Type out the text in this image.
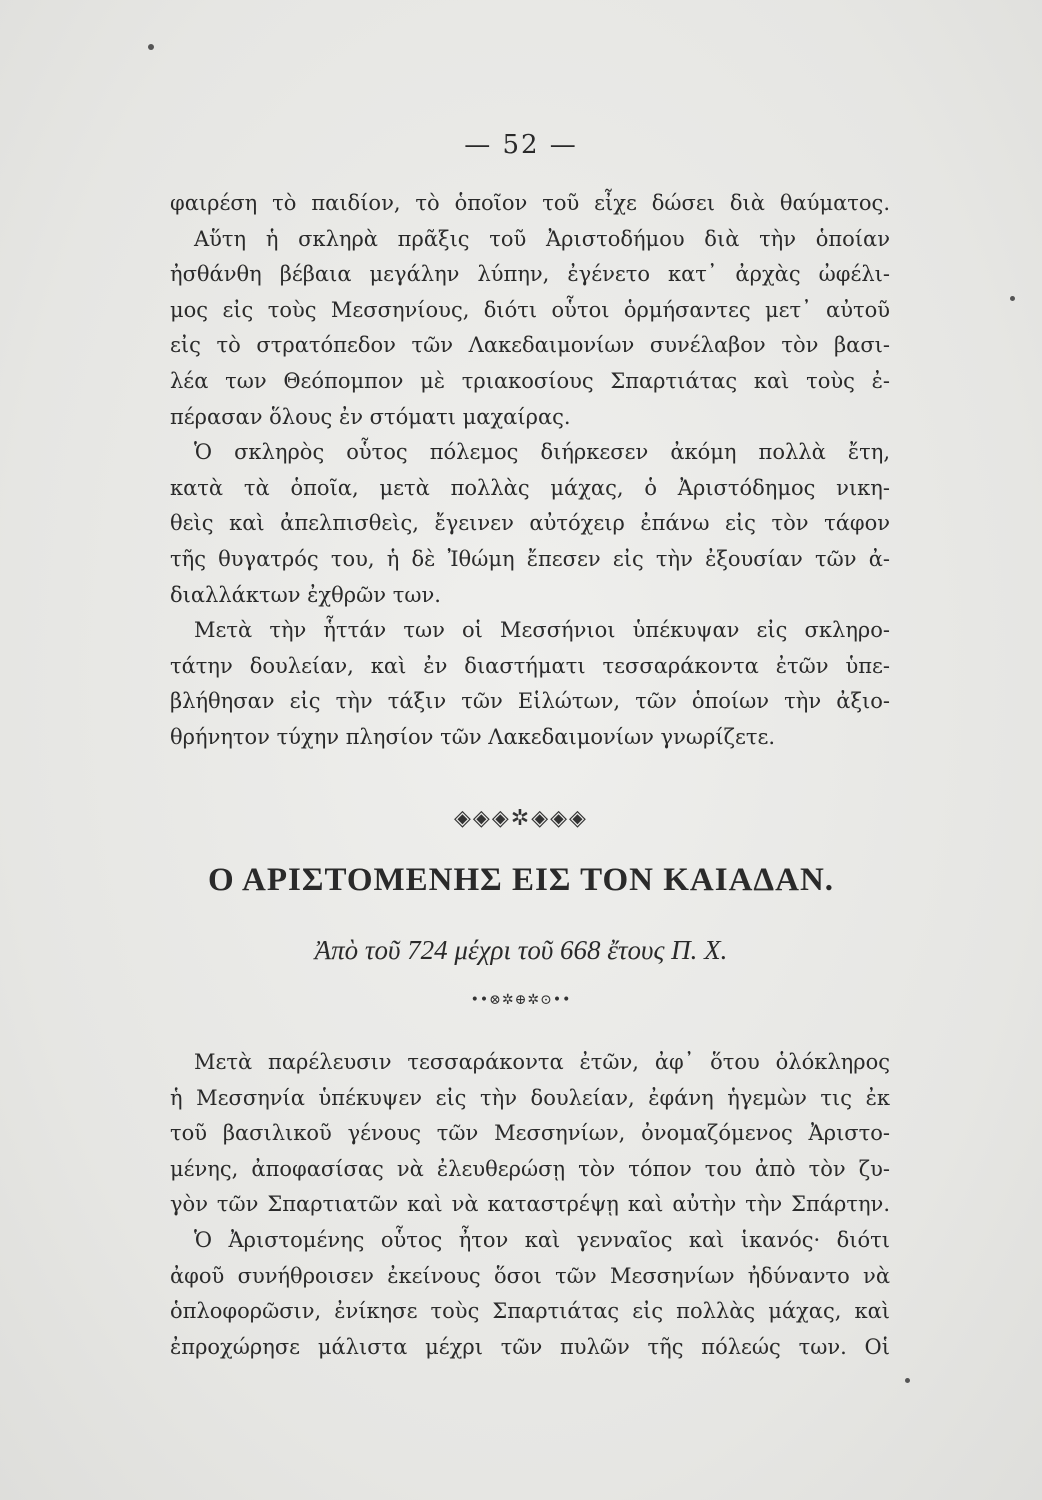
— 52 —
φαιρέση τὸ παιδίον, τὸ ὁποῖον τοῦ εἶχε δώσει διὰ θαύματος.
Αὕτη ἡ σκληρὰ πρᾶξις τοῦ Ἀριστοδήμου διὰ τὴν ὁποίαν
ἠσθάνθη βέβαια μεγάλην λύπην, ἐγένετο κατ᾽ ἀρχὰς ὠφέλι-
μος εἰς τοὺς Μεσσηνίους, διότι οὗτοι ὁρμήσαντες μετ᾽ αὐτοῦ
εἰς τὸ στρατόπεδον τῶν Λακεδαιμονίων συνέλαβον τὸν βασι-
λέα των Θεόπομπον μὲ τριακοσίους Σπαρτιάτας καὶ τοὺς ἐ-
πέρασαν ὅλους ἐν στόματι μαχαίρας.
Ὁ σκληρὸς οὗτος πόλεμος διήρκεσεν ἀκόμη πολλὰ ἔτη,
κατὰ τὰ ὁποῖα, μετὰ πολλὰς μάχας, ὁ Ἀριστόδημος νικη-
θεὶς καὶ ἀπελπισθεὶς, ἔγεινεν αὐτόχειρ ἐπάνω εἰς τὸν τάφον
τῆς θυγατρός του, ἡ δὲ Ἰθώμη ἔπεσεν εἰς τὴν ἐξουσίαν τῶν ἀ-
διαλλάκτων ἐχθρῶν των.
Μετὰ τὴν ἧττάν των οἱ Μεσσήνιοι ὑπέκυψαν εἰς σκληρο-
τάτην δουλείαν, καὶ ἐν διαστήματι τεσσαράκοντα ἐτῶν ὑπε-
βλήθησαν εἰς τὴν τάξιν τῶν Εἱλώτων, τῶν ὁποίων τὴν ἀξιο-
θρήνητον τύχην πλησίον τῶν Λακεδαιμονίων γνωρίζετε.
◈◈◈✲◈◈◈
Ο ΑΡΙΣΤΟΜΕΝΗΣ ΕΙΣ ΤΟΝ ΚΑΙΑΔΑΝ.
Ἀπὸ τοῦ 724 μέχρι τοῦ 668 ἔτους Π. Χ.
••⊗✲⊕✲⊙••
Μετὰ παρέλευσιν τεσσαράκοντα ἐτῶν, ἀφ᾽ ὅτου ὁλόκληρος
ἡ Μεσσηνία ὑπέκυψεν εἰς τὴν δουλείαν, ἐφάνη ἡγεμὼν τις ἐκ
τοῦ βασιλικοῦ γένους τῶν Μεσσηνίων, ὀνομαζόμενος Ἀριστο-
μένης, ἀποφασίσας νὰ ἐλευθερώσῃ τὸν τόπον του ἀπὸ τὸν ζυ-
γὸν τῶν Σπαρτιατῶν καὶ νὰ καταστρέψῃ καὶ αὐτὴν τὴν Σπάρτην.
Ὁ Ἀριστομένης οὗτος ἦτον καὶ γενναῖος καὶ ἱκανός· διότι
ἀφοῦ συνήθροισεν ἐκείνους ὅσοι τῶν Μεσσηνίων ἠδύναντο νὰ
ὁπλοφορῶσιν, ἐνίκησε τοὺς Σπαρτιάτας εἰς πολλὰς μάχας, καὶ
ἐπροχώρησε μάλιστα μέχρι τῶν πυλῶν τῆς πόλεώς των. Οἱ
